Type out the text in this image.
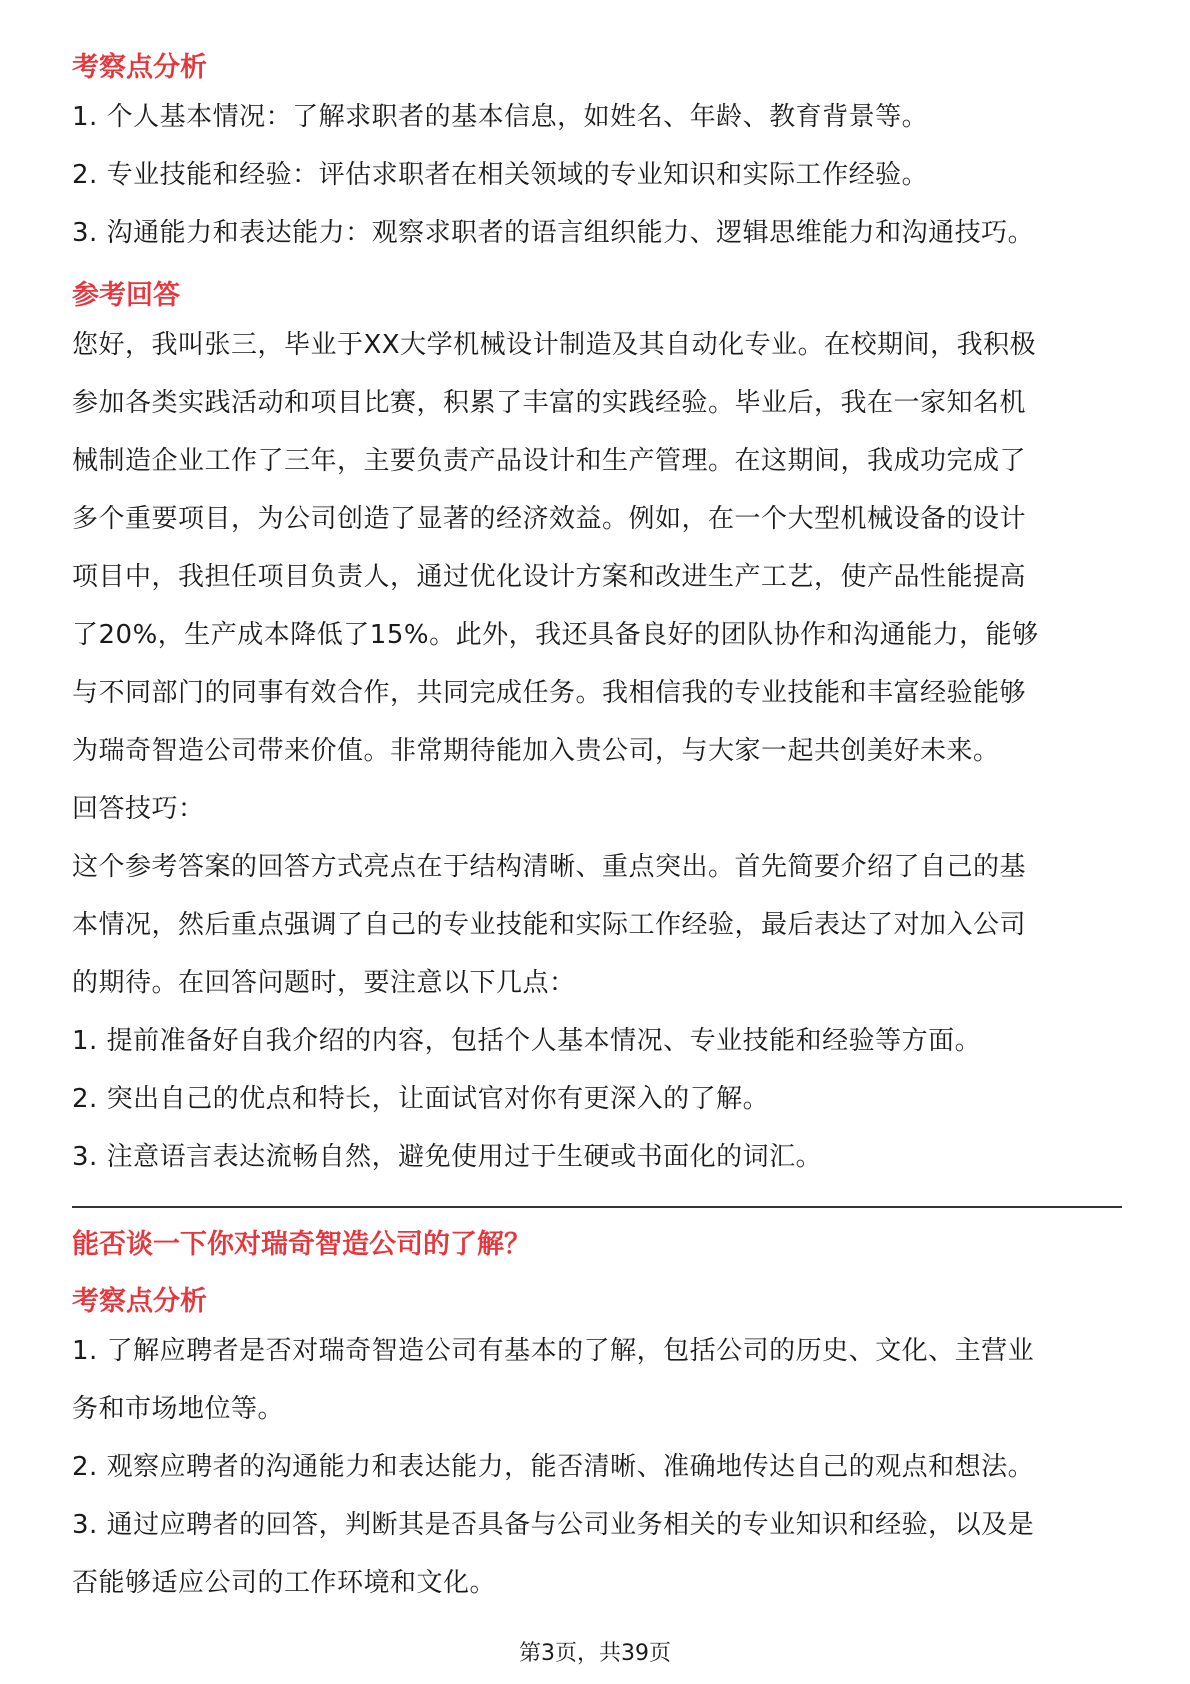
考察点分析

1. 个人基本情况：了解求职者的基本信息，如姓名、年龄、教育背景等。

2. 专业技能和经验：评估求职者在相关领域的专业知识和实际工作经验。

3. 沟通能力和表达能力：观察求职者的语言组织能力、逻辑思维能力和沟通技巧。

参考回答

您好，我叫张三，毕业于XX大学机械设计制造及其自动化专业。在校期间，我积极

参加各类实践活动和项目比赛，积累了丰富的实践经验。毕业后，我在一家知名机

械制造企业工作了三年，主要负责产品设计和生产管理。在这期间，我成功完成了

多个重要项目，为公司创造了显著的经济效益。例如，在一个大型机械设备的设计

项目中，我担任项目负责人，通过优化设计方案和改进生产工艺，使产品性能提高

了20%，生产成本降低了15%。此外，我还具备良好的团队协作和沟通能力，能够

与不同部门的同事有效合作，共同完成任务。我相信我的专业技能和丰富经验能够

为瑞奇智造公司带来价值。非常期待能加入贵公司，与大家一起共创美好未来。

回答技巧：

这个参考答案的回答方式亮点在于结构清晰、重点突出。首先简要介绍了自己的基

本情况，然后重点强调了自己的专业技能和实际工作经验，最后表达了对加入公司

的期待。在回答问题时，要注意以下几点：

1. 提前准备好自我介绍的内容，包括个人基本情况、专业技能和经验等方面。

2. 突出自己的优点和特长，让面试官对你有更深入的了解。

3. 注意语言表达流畅自然，避免使用过于生硬或书面化的词汇。

能否谈一下你对瑞奇智造公司的了解？

考察点分析

1. 了解应聘者是否对瑞奇智造公司有基本的了解，包括公司的历史、文化、主营业

务和市场地位等。

2. 观察应聘者的沟通能力和表达能力，能否清晰、准确地传达自己的观点和想法。

3. 通过应聘者的回答，判断其是否具备与公司业务相关的专业知识和经验，以及是

否能够适应公司的工作环境和文化。

第3页，共39页
